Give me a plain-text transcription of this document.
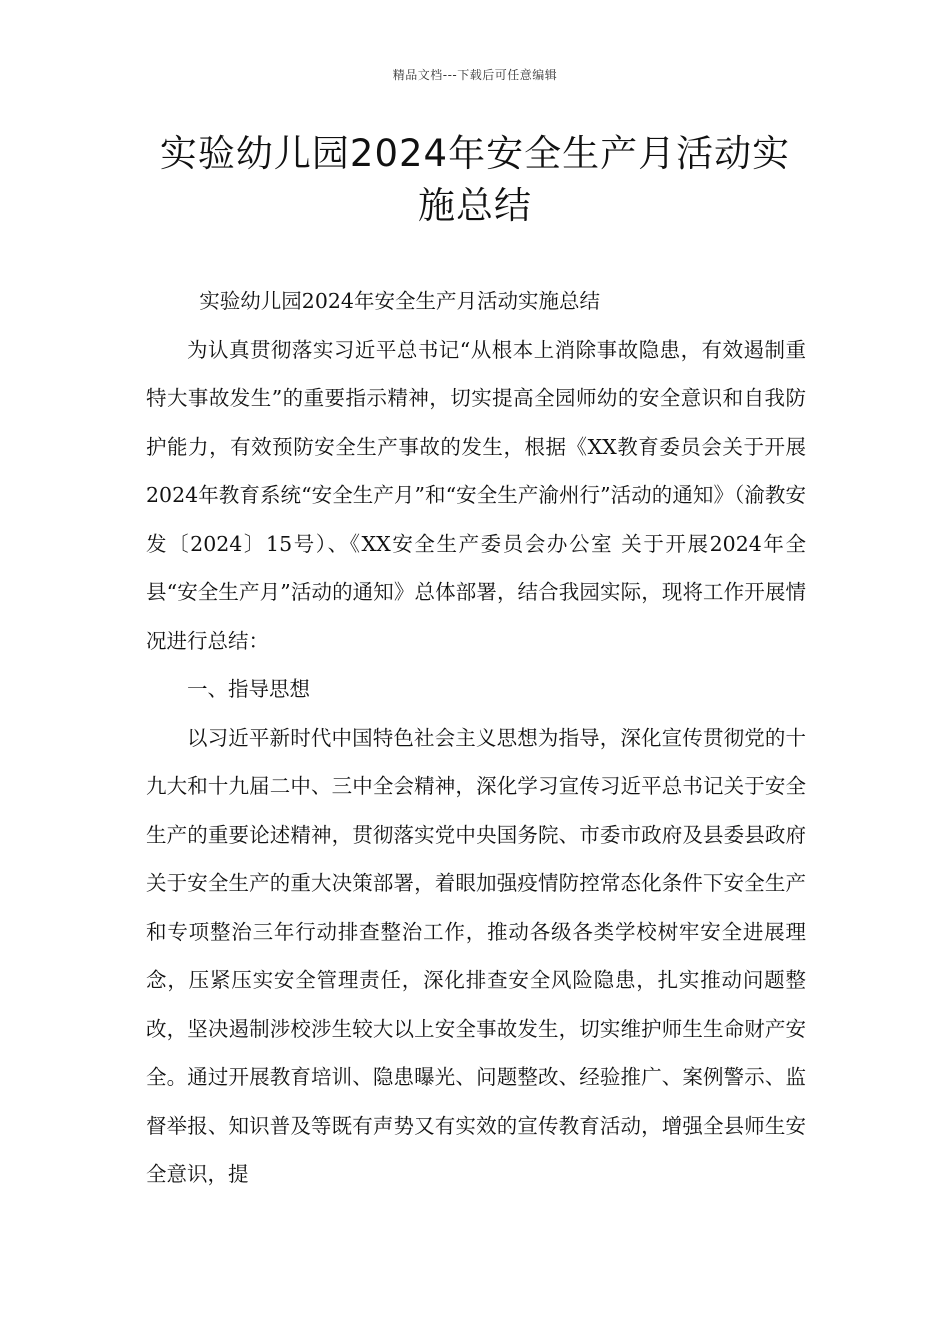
精品文档---下载后可任意编辑
实验幼儿园2024年安全生产月活动实施总结

实验幼儿园2024年安全生产月活动实施总结

为认真贯彻落实习近平总书记“从根本上消除事故隐患，有效遏制重特大事故发生”的重要指示精神，切实提高全园师幼的安全意识和自我防护能力，有效预防安全生产事故的发生，根据《XX教育委员会关于开展2024年教育系统“安全生产月”和“安全生产渝州行”活动的通知》（渝教安发〔2024〕15号）、《XX安全生产委员会办公室 关于开展2024年全县“安全生产月”活动的通知》总体部署，结合我园实际，现将工作开展情况进行总结：

一、指导思想

以习近平新时代中国特色社会主义思想为指导，深化宣传贯彻党的十九大和十九届二中、三中全会精神，深化学习宣传习近平总书记关于安全生产的重要论述精神，贯彻落实党中央国务院、市委市政府及县委县政府关于安全生产的重大决策部署，着眼加强疫情防控常态化条件下安全生产和专项整治三年行动排查整治工作，推动各级各类学校树牢安全进展理念，压紧压实安全管理责任，深化排查安全风险隐患，扎实推动问题整改，坚决遏制涉校涉生较大以上安全事故发生，切实维护师生生命财产安全。通过开展教育培训、隐患曝光、问题整改、经验推广、案例警示、监督举报、知识普及等既有声势又有实效的宣传教育活动，增强全县师生安全意识，提
